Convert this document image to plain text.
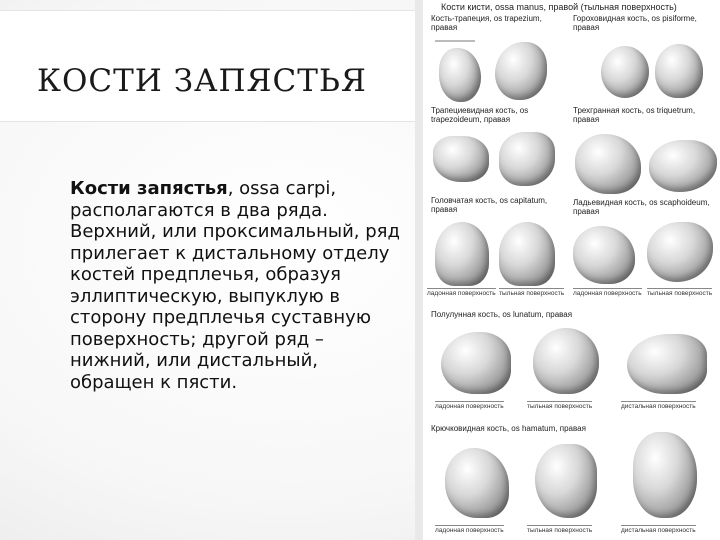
КОСТИ ЗАПЯСТЬЯ
Кости запястья, ossa carpi, располагаются в два ряда. Верхний, или проксимальный, ряд прилегает к дистальному отделу костей предплечья, образуя эллиптическую, выпуклую в сторону предплечья суставную поверхность; другой ряд – нижний, или дистальный, обращен к пясти.
Кости кисти, ossa manus, правой (тыльная поверхность)
Кость-трапеция, os trapezium,
правая
Гороховидная кость, os pisiforme,
правая
Трапециевидная кость, os
trapezoideum, правая
Трехгранная кость, os triquetrum,
правая
Головчатая кость, os capitatum,
правая
Ладьевидная кость, os scaphoideum,
правая
ладонная поверхность тыльная поверхность ладонная поверхность тыльная поверхность
Полулунная кость, os lunatum, правая
ладонная поверхность	тыльная поверхность	дистальная поверхность
Крючковидная кость, os hamatum, правая
ладонная поверхность	тыльная поверхность	дистальная поверхность
